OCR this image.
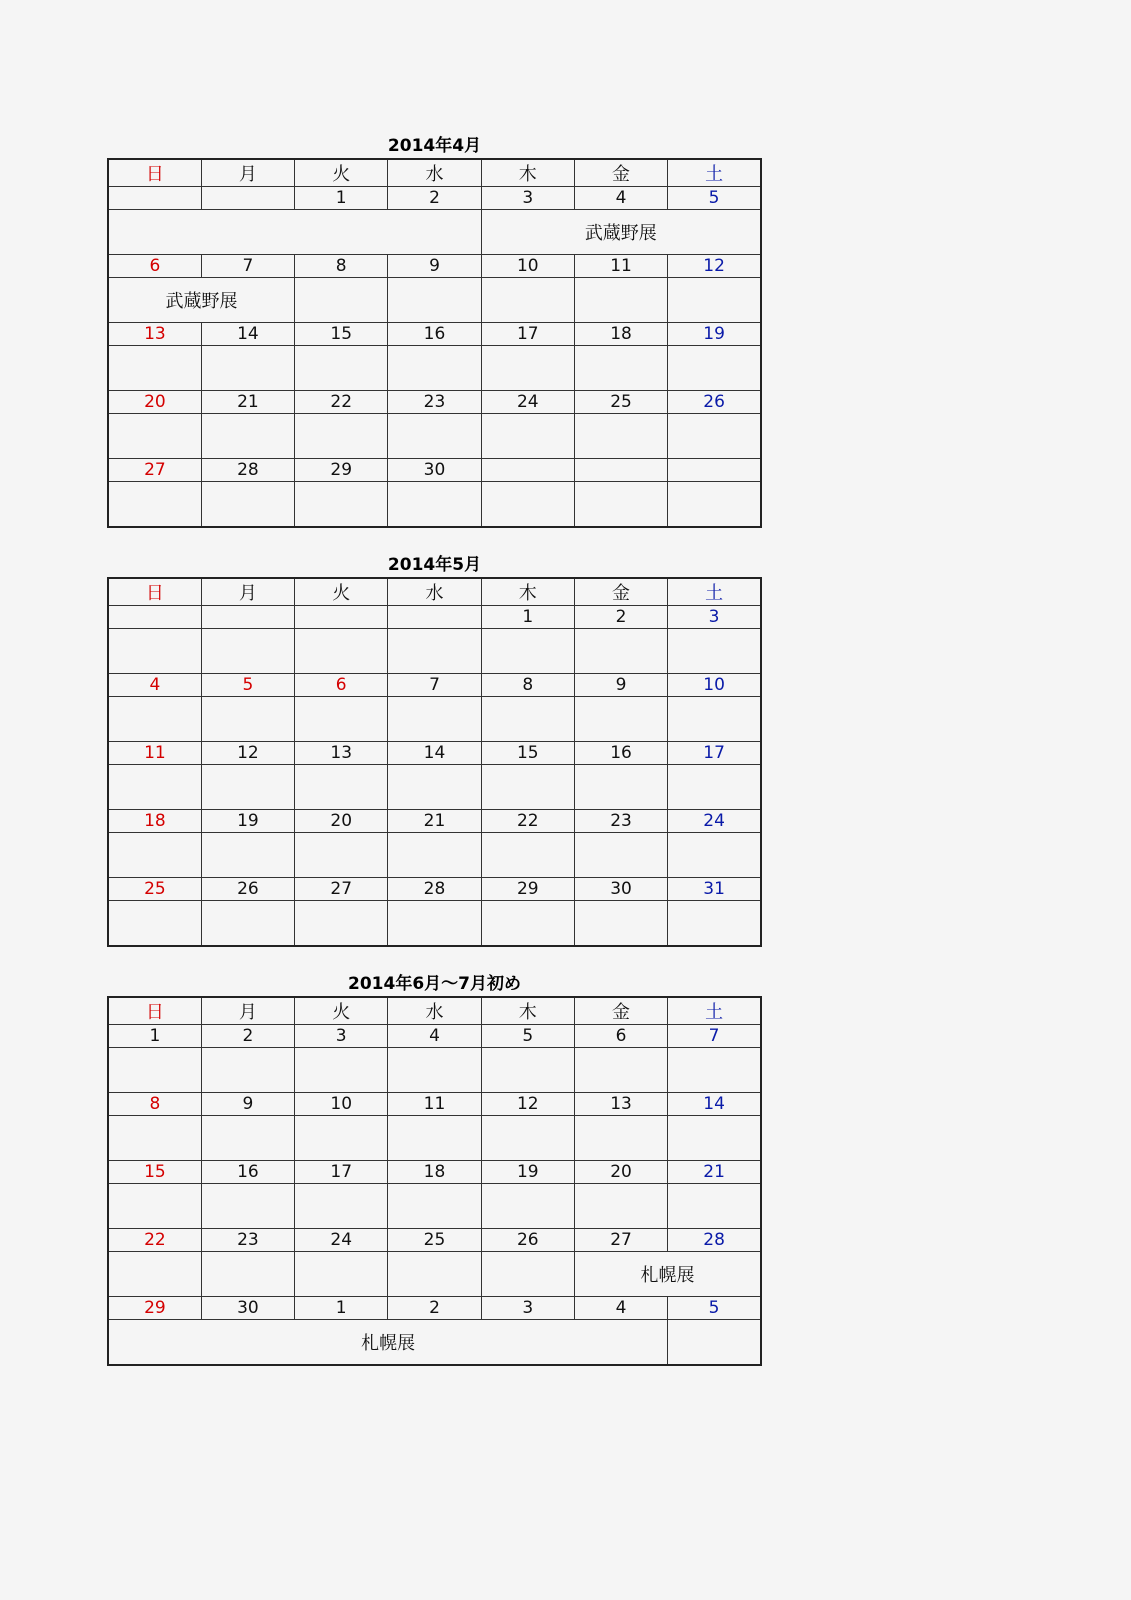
2014年4月
日	月	火	水	木	金	土
		1	2	3	4	5
				武蔵野展		
6	7	8	9	10	11	12
武蔵野展						
13	14	15	16	17	18	19

20	21	22	23	24	25	26

27	28	29	30			

2014年5月
日	月	火	水	木	金	土
				1	2	3

4	5	6	7	8	9	10

11	12	13	14	15	16	17

18	19	20	21	22	23	24

25	26	27	28	29	30	31

2014年6月～7月初め
日	月	火	水	木	金	土
1	2	3	4	5	6	7

8	9	10	11	12	13	14

15	16	17	18	19	20	21

22	23	24	25	26	27	28
					札幌展	
29	30	1	2	3	4	5
札幌展						
